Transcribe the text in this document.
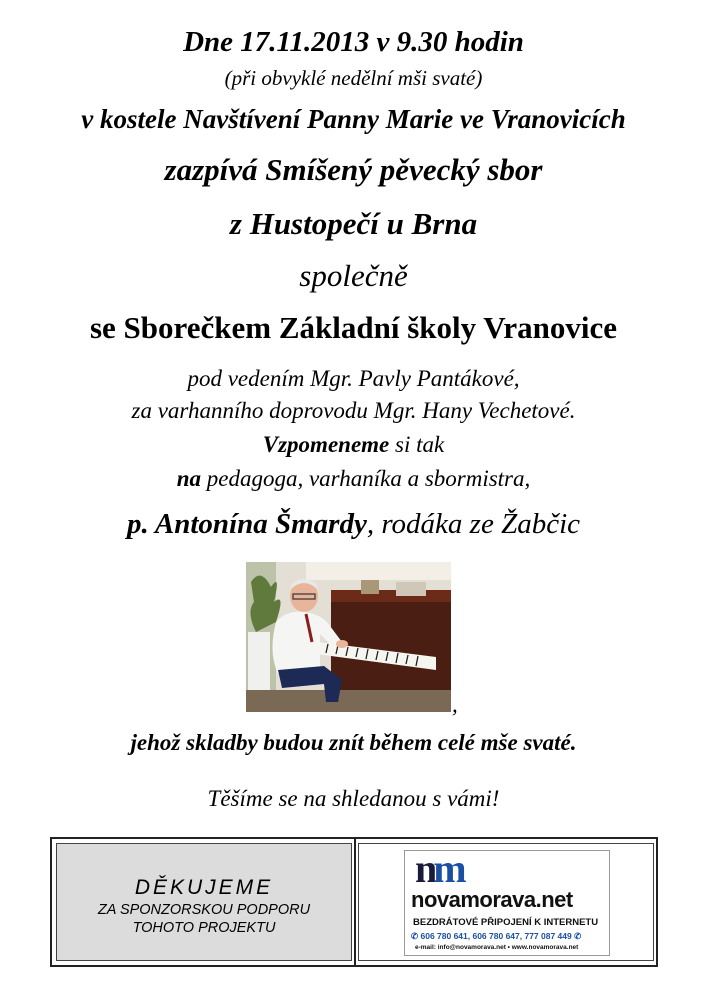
Dne 17.11.2013 v 9.30 hodin
(při obvyklé nedělní mši svaté)
v kostele Navštívení Panny Marie ve Vranovicích
zazpívá Smíšený pěvecký sbor
z Hustopečí u Brna
společně
se Sborečkem Základní školy Vranovice
pod vedením Mgr. Pavly Pantákové,
za varhanního doprovodu Mgr. Hany Vechetové.
Vzpomeneme si tak
na pedagoga, varhaníka a sbormistra,
p. Antonína Šmardy, rodáka ze Žabčic
,
jehož skladby budou znít během celé mše svaté.
Těšíme se na shledanou s vámi!
DĚKUJEME
ZA SPONZORSKOU PODPORU
TOHOTO PROJEKTU
nm
novamorava.net
BEZDRÁTOVÉ PŘIPOJENÍ K INTERNETU
✆ 606 780 641, 606 780 647, 777 087 449 ✆
e-mail: info@novamorava.net • www.novamorava.net
